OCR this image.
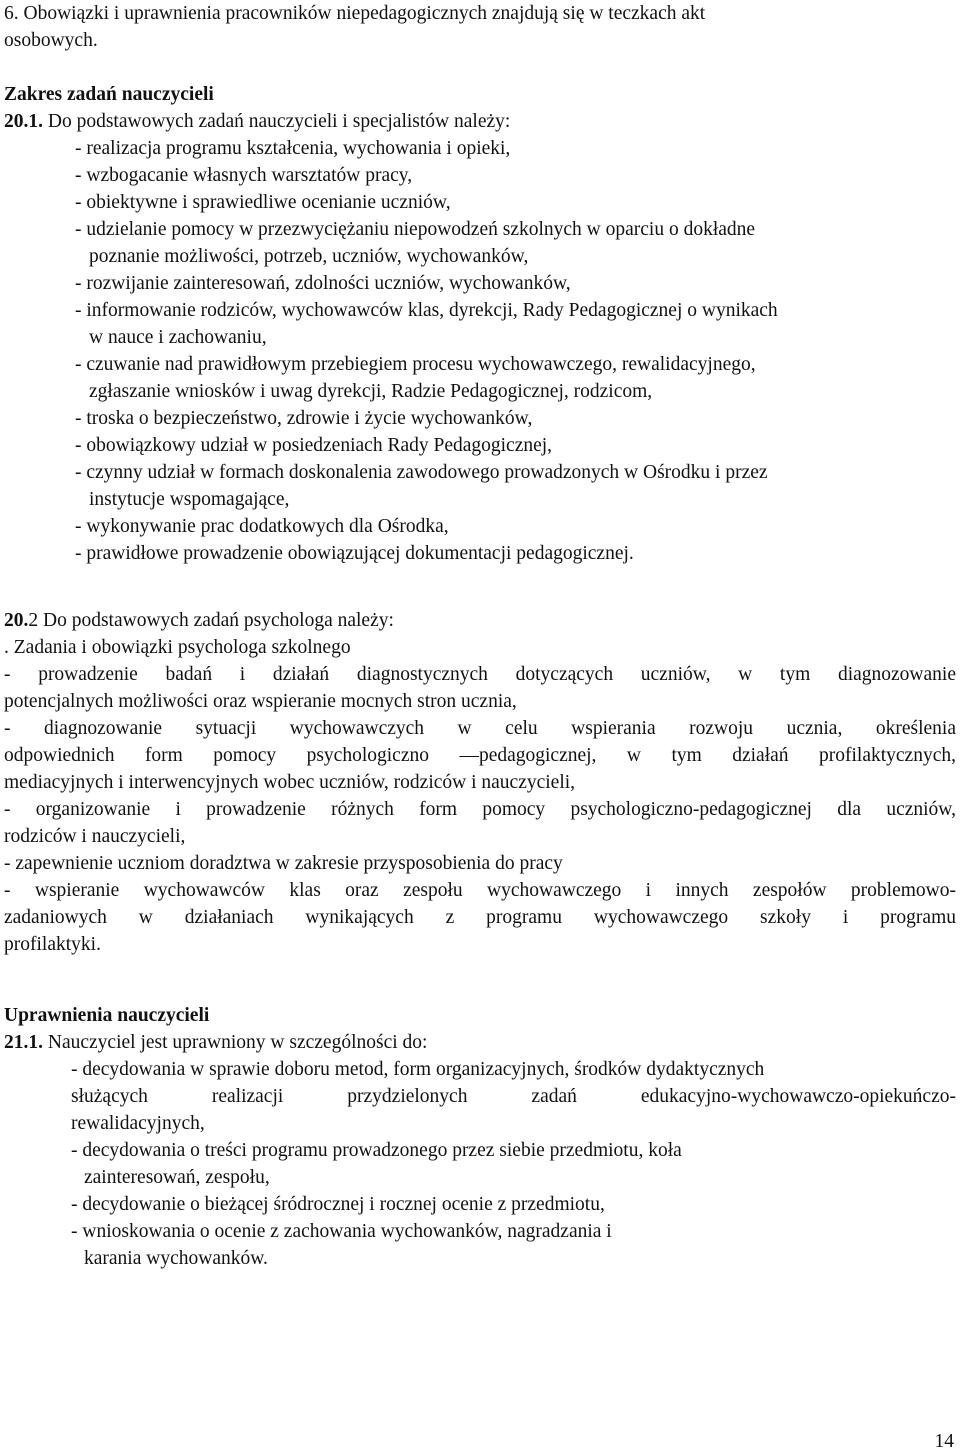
6. Obowiązki i uprawnienia pracowników niepedagogicznych znajdują się w teczkach akt
osobowych.
Zakres zadań nauczycieli
20.1. Do podstawowych zadań nauczycieli i specjalistów należy:
- realizacja programu kształcenia, wychowania i opieki,
- wzbogacanie własnych warsztatów pracy,
- obiektywne i sprawiedliwe ocenianie uczniów,
- udzielanie pomocy w przezwyciężaniu niepowodzeń szkolnych w oparciu o dokładne
poznanie możliwości, potrzeb, uczniów, wychowanków,
- rozwijanie zainteresowań, zdolności uczniów, wychowanków,
- informowanie rodziców, wychowawców klas, dyrekcji, Rady Pedagogicznej o wynikach
w nauce i zachowaniu,
- czuwanie nad prawidłowym przebiegiem procesu wychowawczego, rewalidacyjnego,
zgłaszanie wniosków i uwag dyrekcji, Radzie Pedagogicznej, rodzicom,
- troska o bezpieczeństwo, zdrowie i życie wychowanków,
- obowiązkowy udział w posiedzeniach Rady Pedagogicznej,
- czynny udział w formach doskonalenia zawodowego prowadzonych w Ośrodku i przez
instytucje wspomagające,
- wykonywanie prac dodatkowych dla Ośrodka,
- prawidłowe prowadzenie obowiązującej dokumentacji pedagogicznej.
20.2 Do podstawowych zadań psychologa należy:
. Zadania i obowiązki psychologa szkolnego
- prowadzenie badań i działań diagnostycznych dotyczących uczniów, w tym diagnozowanie
potencjalnych możliwości oraz wspieranie mocnych stron ucznia,
- diagnozowanie sytuacji wychowawczych w celu wspierania rozwoju ucznia, określenia
odpowiednich form pomocy psychologiczno —pedagogicznej, w tym działań profilaktycznych,
mediacyjnych i interwencyjnych wobec uczniów, rodziców i nauczycieli,
- organizowanie i prowadzenie różnych form pomocy psychologiczno-pedagogicznej dla uczniów,
rodziców i nauczycieli,
- zapewnienie uczniom doradztwa w zakresie przysposobienia do pracy
- wspieranie wychowawców klas oraz zespołu wychowawczego i innych zespołów problemowo-
zadaniowych w działaniach wynikających z programu wychowawczego szkoły i programu
profilaktyki.
Uprawnienia nauczycieli
21.1. Nauczyciel jest uprawniony w szczególności do:
- decydowania w sprawie doboru metod, form organizacyjnych, środków dydaktycznych
służących realizacji przydzielonych zadań edukacyjno-wychowawczo-opiekuńczo-
rewalidacyjnych,
- decydowania o treści programu prowadzonego przez siebie przedmiotu, koła
zainteresowań, zespołu,
- decydowanie o bieżącej śródrocznej i rocznej ocenie z przedmiotu,
- wnioskowania o ocenie z zachowania wychowanków, nagradzania i
karania wychowanków.
14
